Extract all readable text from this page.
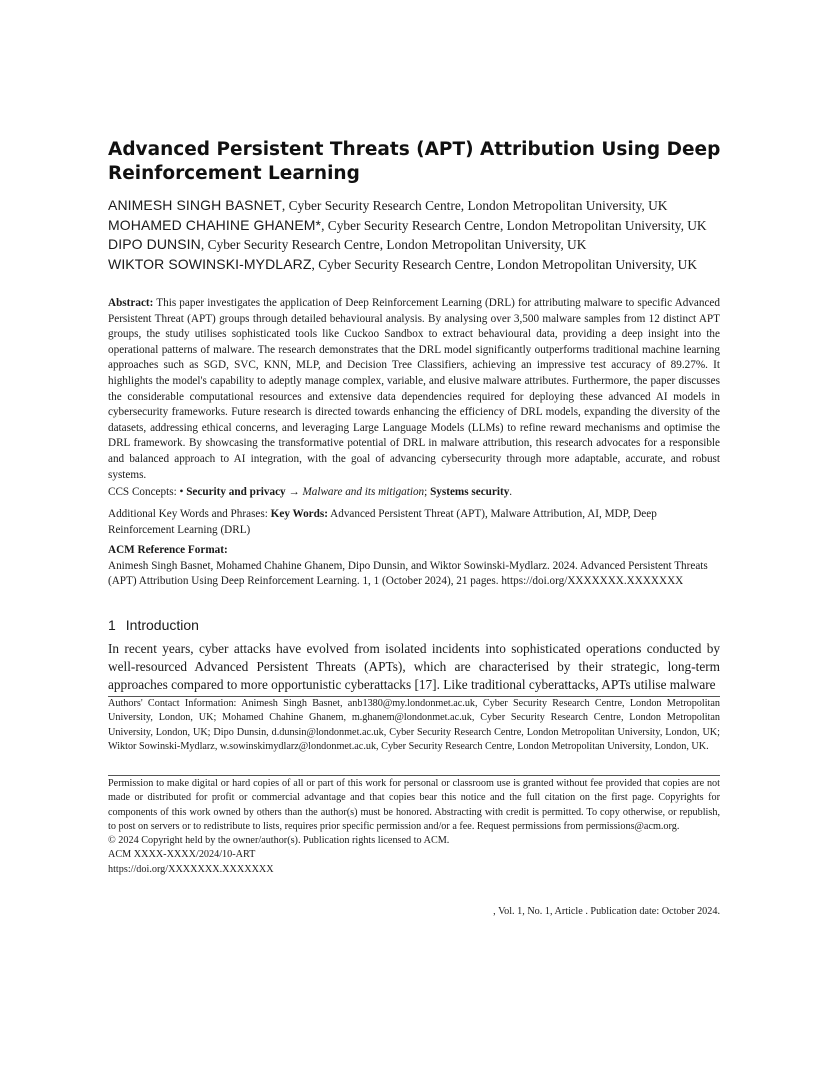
Advanced Persistent Threats (APT) Attribution Using Deep
Reinforcement Learning
ANIMESH SINGH BASNET, Cyber Security Research Centre, London Metropolitan University, UK
MOHAMED CHAHINE GHANEM*, Cyber Security Research Centre, London Metropolitan University, UK
DIPO DUNSIN, Cyber Security Research Centre, London Metropolitan University, UK
WIKTOR SOWINSKI-MYDLARZ, Cyber Security Research Centre, London Metropolitan University, UK
Abstract: This paper investigates the application of Deep Reinforcement Learning (DRL) for attributing malware to specific Advanced Persistent Threat (APT) groups through detailed behavioural analysis. By analysing over 3,500 malware samples from 12 distinct APT groups, the study utilises sophisticated tools like Cuckoo Sandbox to extract behavioural data, providing a deep insight into the operational patterns of malware. The research demonstrates that the DRL model significantly outperforms traditional machine learning approaches such as SGD, SVC, KNN, MLP, and Decision Tree Classifiers, achieving an impressive test accuracy of 89.27%. It highlights the model's capability to adeptly manage complex, variable, and elusive malware attributes. Furthermore, the paper discusses the considerable computational resources and extensive data dependencies required for deploying these advanced AI models in cybersecurity frameworks. Future research is directed towards enhancing the efficiency of DRL models, expanding the diversity of the datasets, addressing ethical concerns, and leveraging Large Language Models (LLMs) to refine reward mechanisms and optimise the DRL framework. By showcasing the transformative potential of DRL in malware attribution, this research advocates for a responsible and balanced approach to AI integration, with the goal of advancing cybersecurity through more adaptable, accurate, and robust systems.
CCS Concepts: • Security and privacy → Malware and its mitigation; Systems security.
Additional Key Words and Phrases: Key Words: Advanced Persistent Threat (APT), Malware Attribution, AI, MDP, Deep Reinforcement Learning (DRL)
ACM Reference Format:
Animesh Singh Basnet, Mohamed Chahine Ghanem, Dipo Dunsin, and Wiktor Sowinski-Mydlarz. 2024. Advanced Persistent Threats (APT) Attribution Using Deep Reinforcement Learning. 1, 1 (October 2024), 21 pages. https://doi.org/XXXXXXX.XXXXXXX
1 Introduction
In recent years, cyber attacks have evolved from isolated incidents into sophisticated operations conducted by well-resourced Advanced Persistent Threats (APTs), which are characterised by their strategic, long-term approaches compared to more opportunistic cyberattacks [17]. Like traditional cyberattacks, APTs utilise malware
Authors' Contact Information: Animesh Singh Basnet, anb1380@my.londonmet.ac.uk, Cyber Security Research Centre, London Metropolitan University, London, UK; Mohamed Chahine Ghanem, m.ghanem@londonmet.ac.uk, Cyber Security Research Centre, London Metropolitan University, London, UK; Dipo Dunsin, d.dunsin@londonmet.ac.uk, Cyber Security Research Centre, London Metropolitan University, London, UK; Wiktor Sowinski-Mydlarz, w.sowinskimydlarz@londonmet.ac.uk, Cyber Security Research Centre, London Metropolitan University, London, UK.
Permission to make digital or hard copies of all or part of this work for personal or classroom use is granted without fee provided that copies are not made or distributed for profit or commercial advantage and that copies bear this notice and the full citation on the first page. Copyrights for components of this work owned by others than the author(s) must be honored. Abstracting with credit is permitted. To copy otherwise, or republish, to post on servers or to redistribute to lists, requires prior specific permission and/or a fee. Request permissions from permissions@acm.org.
© 2024 Copyright held by the owner/author(s). Publication rights licensed to ACM.
ACM XXXX-XXXX/2024/10-ART
https://doi.org/XXXXXXX.XXXXXXX
, Vol. 1, No. 1, Article . Publication date: October 2024.
